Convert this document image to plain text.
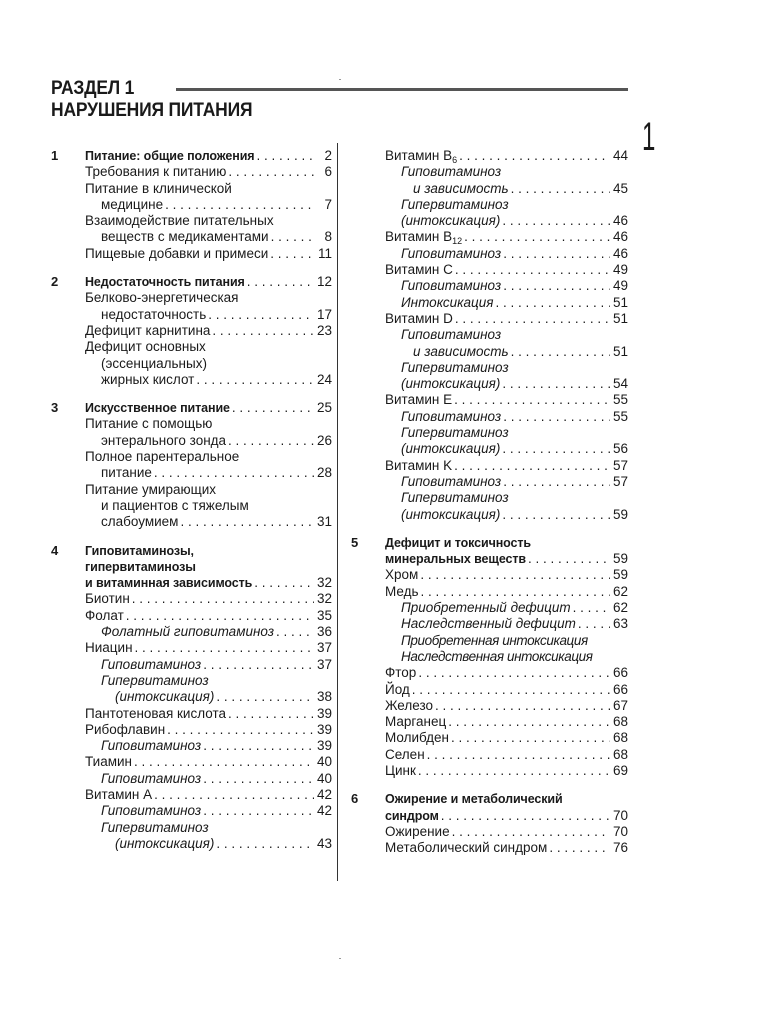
РАЗДЕЛ 1
НАРУШЕНИЯ ПИТАНИЯ
1
1 Питание: общие положения . . .	2
Требования к питанию . . .	6
Питание в клинической
медицине . . .	7
Взаимодействие питательных
веществ с медикаментами . . .	8
Пищевые добавки и примеси . . .	11
2 Недостаточность питания . . .	12
Белково-энергетическая
недостаточность . . .	17
Дефицит карнитина . . .	23
Дефицит основных
(эссенциальных)
жирных кислот . . .	24
3 Искусственное питание . . .	25
Питание с помощью
энтерального зонда . . .	26
Полное парентеральное
питание . . .	28
Питание умирающих
и пациентов с тяжелым
слабоумием . . .	31
4 Гиповитаминозы,
гипервитаминозы
и витаминная зависимость . . .	32
Биотин . . .	32
Фолат . . .	35
Фолатный гиповитаминоз . . .	36
Ниацин . . .	37
Гиповитаминоз . . .	37
Гипервитаминоз
(интоксикация) . . .	38
Пантотеновая кислота . . .	39
Рибофлавин . . .	39
Гиповитаминоз . . .	39
Тиамин . . .	40
Гиповитаминоз . . .	40
Витамин А . . .	42
Гиповитаминоз . . .	42
Гипервитаминоз
(интоксикация) . . .	43
Витамин $B_6$ . . .	44
Гиповитаминоз
и зависимость . . .	45
Гипервитаминоз
(интоксикация) . . .	46
Витамин $B_{12}$ . . .	46
Гиповитаминоз . . .	46
Витамин C . . .	49
Гиповитаминоз . . .	49
Интоксикация . . .	51
Витамин D . . .	51
Гиповитаминоз
и зависимость . . .	51
Гипервитаминоз
(интоксикация) . . .	54
Витамин E . . .	55
Гиповитаминоз . . .	55
Гипервитаминоз
(интоксикация) . . .	56
Витамин K . . .	57
Гиповитаминоз . . .	57
Гипервитаминоз
(интоксикация) . . .	59
5 Дефицит и токсичность
минеральных веществ . . .	59
Хром . . .	59
Медь . . .	62
Приобретенный дефицит . . .	62
Наследственный дефицит . . .	63
Приобретенная интоксикация
Наследственная интоксикация
Фтор . . .	66
Йод . . .	66
Железо . . .	67
Марганец . . .	68
Молибден . . .	68
Селен . . .	68
Цинк . . .	69
6 Ожирение и метаболический
синдром . . .	70
Ожирение . . .	70
Метаболический синдром . . .	76
